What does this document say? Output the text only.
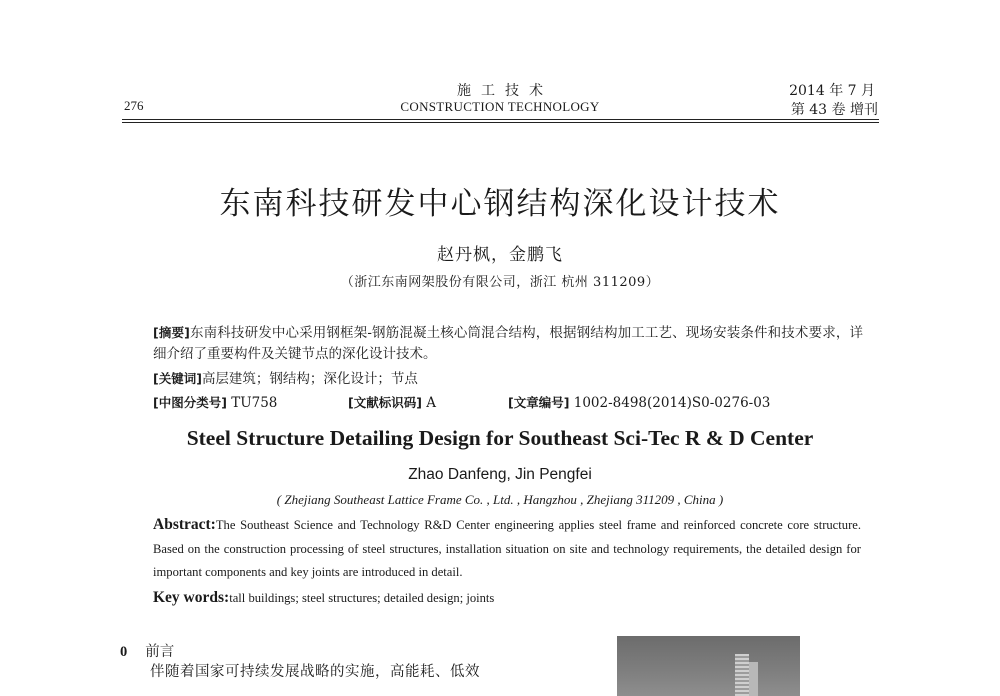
276
施工技术
CONSTRUCTION TECHNOLOGY
2014 年 7 月
第 43 卷 增刊
东南科技研发中心钢结构深化设计技术
赵丹枫，金鹏飞
（浙江东南网架股份有限公司，浙江 杭州 311209）
[摘要]东南科技研发中心采用钢框架-钢筋混凝土核心筒混合结构，根据钢结构加工工艺、现场安装条件和技术要求，详细介绍了重要构件及关键节点的深化设计技术。
[关键词]高层建筑；钢结构；深化设计；节点
[中图分类号] TU758	[文献标识码] A	[文章编号] 1002-8498(2014)S0-0276-03
Steel Structure Detailing Design for Southeast Sci-Tec R & D Center
Zhao Danfeng, Jin Pengfei
( Zhejiang Southeast Lattice Frame Co. , Ltd. , Hangzhou , Zhejiang 311209 , China )
Abstract:The Southeast Science and Technology R&D Center engineering applies steel frame and reinforced concrete core structure. Based on the construction processing of steel structures, installation situation on site and technology requirements, the detailed design for important components and key joints are introduced in detail.
Key words:tall buildings; steel structures; detailed design; joints
0 前言
伴随着国家可持续发展战略的实施，高能耗、低效
